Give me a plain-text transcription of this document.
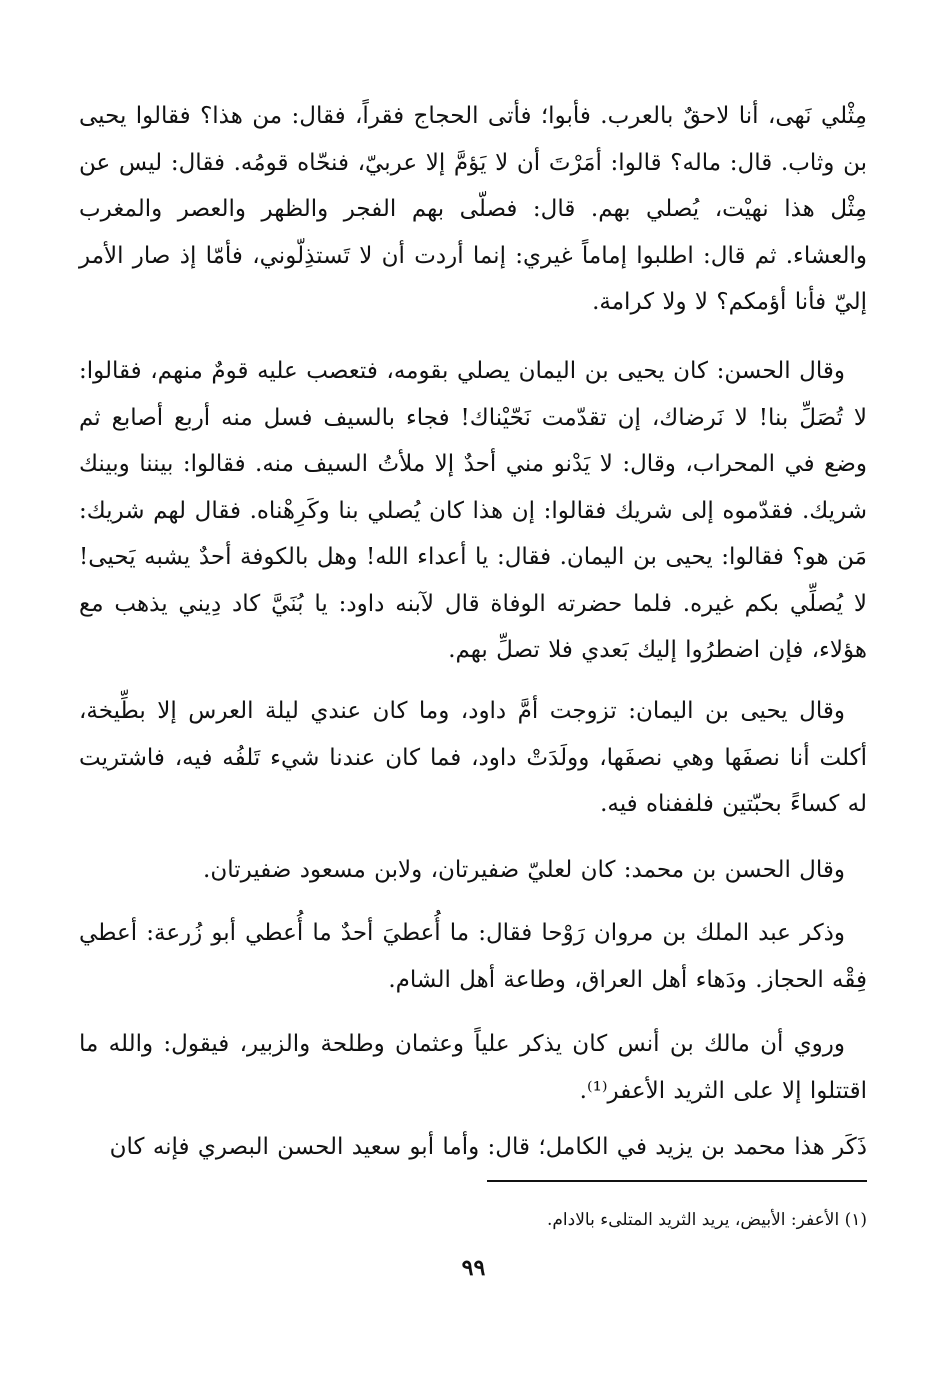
مِثْلي نَهى، أنا لاحقٌ بالعرب. فأبوا؛ فأتى الحجاج فقراً، فقال: من هذا؟ فقالوا يحيى بن وثاب. قال: ماله؟ قالوا: أمَرْتَ أن لا يَؤمَّ إلا عربيّ، فنحّاه قومُه. فقال: ليس عن مِثْل هذا نهيْت، يُصلي بهم. قال: فصلّى بهم الفجر والظهر والعصر والمغرب والعشاء. ثم قال: اطلبوا إماماً غيري: إنما أردت أن لا تَستذِلّوني، فأمّا إذ صار الأمر إليّ فأنا أؤمكم؟ لا ولا كرامة.

وقال الحسن: كان يحيى بن اليمان يصلي بقومه، فتعصب عليه قومٌ منهم، فقالوا: لا تُصَلِّ بنا! لا نَرضاك، إن تقدّمت نَحّيْناك! فجاء بالسيف فسل منه أربع أصابع ثم وضع في المحراب، وقال: لا يَدْنو مني أحدٌ إلا ملأتُ السيف منه. فقالوا: بيننا وبينك شريك. فقدّموه إلى شريك فقالوا: إن هذا كان يُصلي بنا وكَرِهْناه. فقال لهم شريك: مَن هو؟ فقالوا: يحيى بن اليمان. فقال: يا أعداء الله! وهل بالكوفة أحدٌ يشبه يَحيى! لا يُصلِّي بكم غيره. فلما حضرته الوفاة قال لآبنه داود: يا بُنَيَّ كاد دِيني يذهب مع هؤلاء، فإن اضطرُوا إليك بَعدي فلا تصلِّ بهم.

وقال يحيى بن اليمان: تزوجت أمَّ داود، وما كان عندي ليلة العرس إلا بطِّيخة، أكلت أنا نصفَها وهي نصفَها، وولَدَتْ داود، فما كان عندنا شيء تَلفُه فيه، فاشتريت له كساءً بحبّتين فلففناه فيه.

وقال الحسن بن محمد: كان لعليّ ضفيرتان، ولابن مسعود ضفيرتان.

وذكر عبد الملك بن مروان رَوْحا فقال: ما أُعطيَ أحدٌ ما أُعطي أبو زُرعة: أعطي فِقْه الحجاز. ودَهاء أهل العراق، وطاعة أهل الشام.

وروي أن مالك بن أنس كان يذكر علياً وعثمان وطلحة والزبير، فيقول: والله ما اقتتلوا إلا على الثريد الأعفر⁽¹⁾.

ذَكَر هذا محمد بن يزيد في الكامل؛ قال: وأما أبو سعيد الحسن البصري فإنه كان

(١) الأعفر: الأبيض، يريد الثريد المتلىء بالادام.
٩٩
